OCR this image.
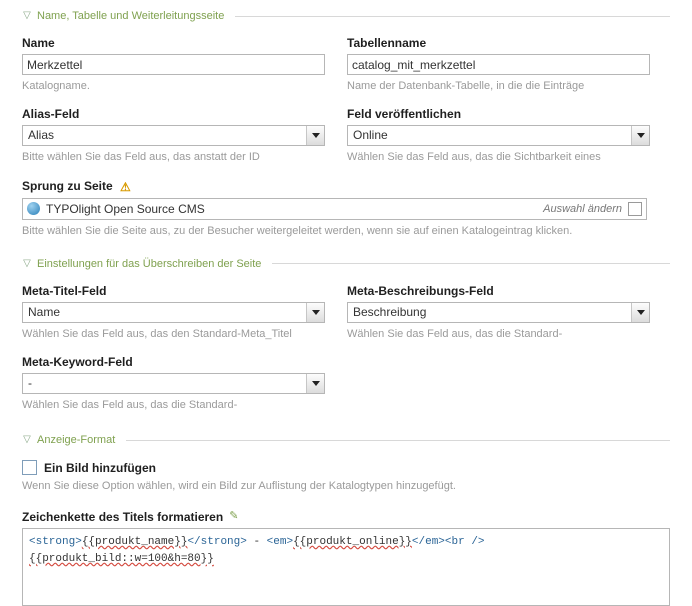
▽ Name, Tabelle und Weiterleitungsseite
Name
Merkzettel
Katalogname.
Tabellenname
catalog_mit_merkzettel
Name der Datenbank-Tabelle, in die die Einträge
Alias-Feld
Alias
Bitte wählen Sie das Feld aus, das anstatt der ID
Feld veröffentlichen
Online
Wählen Sie das Feld aus, das die Sichtbarkeit eines
Sprung zu Seite ⚠
TYPOlight Open Source CMS	Auswahl ändern
Bitte wählen Sie die Seite aus, zu der Besucher weitergeleitet werden, wenn sie auf einen Katalogeintrag klicken.
▽ Einstellungen für das Überschreiben der Seite
Meta-Titel-Feld
Name
Wählen Sie das Feld aus, das den Standard-Meta_Titel
Meta-Beschreibungs-Feld
Beschreibung
Wählen Sie das Feld aus, das die Standard-
Meta-Keyword-Feld
-
Wählen Sie das Feld aus, das die Standard-
▽ Anzeige-Format
Ein Bild hinzufügen
Wenn Sie diese Option wählen, wird ein Bild zur Auflistung der Katalogtypen hinzugefügt.
Zeichenkette des Titels formatieren ✎
<strong>{{produkt_name}}</strong> - <em>{{produkt_online}}</em><br />
{{produkt_bild::w=100&h=80}}
